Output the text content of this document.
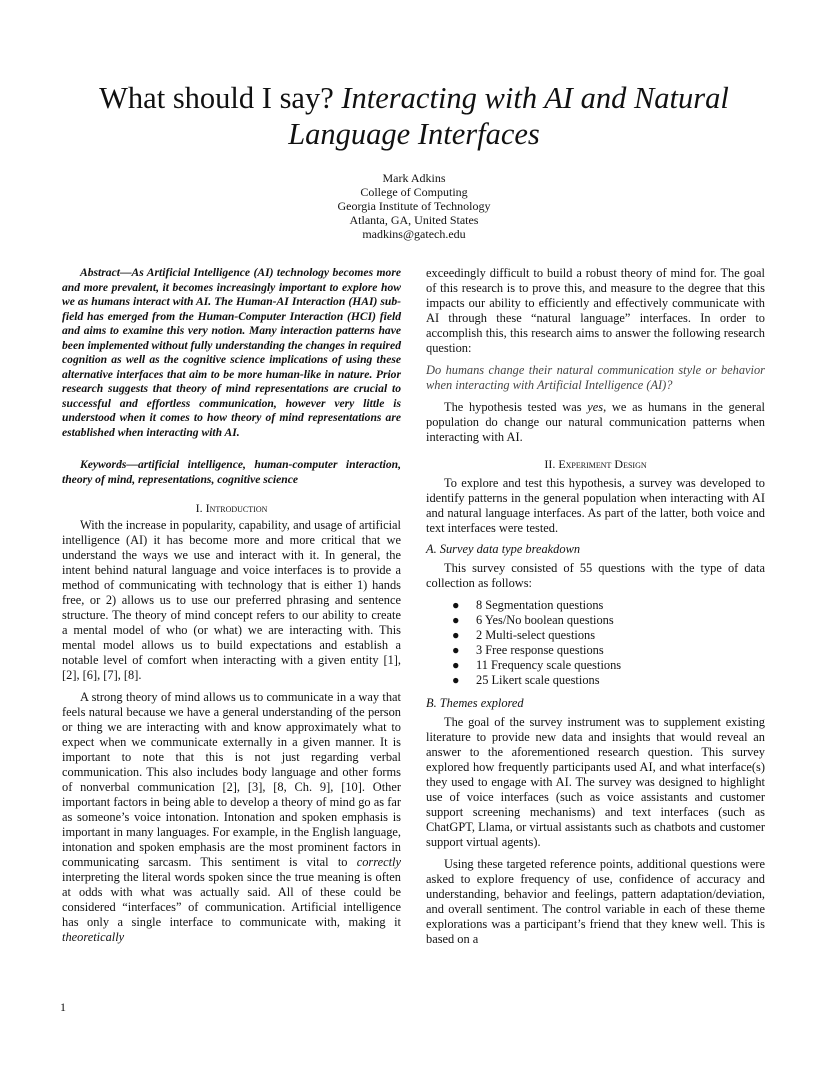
What should I say? Interacting with AI and Natural Language Interfaces
Mark Adkins
College of Computing
Georgia Institute of Technology
Atlanta, GA, United States
madkins@gatech.edu

Abstract—As Artificial Intelligence (AI) technology becomes more and more prevalent, it becomes increasingly important to explore how we as humans interact with AI. The Human-AI Interaction (HAI) sub-field has emerged from the Human-Computer Interaction (HCI) field and aims to examine this very notion. Many interaction patterns have been implemented without fully understanding the changes in required cognition as well as the cognitive science implications of using these alternative interfaces that aim to be more human-like in nature. Prior research suggests that theory of mind representations are crucial to successful and effortless communication, however very little is understood when it comes to how theory of mind representations are established when interacting with AI.

Keywords—artificial intelligence, human-computer interaction, theory of mind, representations, cognitive science

I. Introduction

With the increase in popularity, capability, and usage of artificial intelligence (AI) it has become more and more critical that we understand the ways we use and interact with it. In general, the intent behind natural language and voice interfaces is to provide a method of communicating with technology that is either 1) hands free, or 2) allows us to use our preferred phrasing and sentence structure. The theory of mind concept refers to our ability to create a mental model of who (or what) we are interacting with. This mental model allows us to build expectations and establish a notable level of comfort when interacting with a given entity [1], [2], [6], [7], [8].

A strong theory of mind allows us to communicate in a way that feels natural because we have a general understanding of the person or thing we are interacting with and know approximately what to expect when we communicate externally in a given manner. It is important to note that this is not just regarding verbal communication. This also includes body language and other forms of nonverbal communication [2], [3], [8, Ch. 9], [10]. Other important factors in being able to develop a theory of mind go as far as someone’s voice intonation. Intonation and spoken emphasis is important in many languages. For example, in the English language, intonation and spoken emphasis are the most prominent factors in communicating sarcasm. This sentiment is vital to correctly interpreting the literal words spoken since the true meaning is often at odds with what was actually said. All of these could be considered “interfaces” of communication. Artificial intelligence has only a single interface to communicate with, making it theoretically

exceedingly difficult to build a robust theory of mind for. The goal of this research is to prove this, and measure to the degree that this impacts our ability to efficiently and effectively communicate with AI through these “natural language” interfaces. In order to accomplish this, this research aims to answer the following research question:

Do humans change their natural communication style or behavior when interacting with Artificial Intelligence (AI)?

The hypothesis tested was yes, we as humans in the general population do change our natural communication patterns when interacting with AI.

II. Experiment Design

To explore and test this hypothesis, a survey was developed to identify patterns in the general population when interacting with AI and natural language interfaces. As part of the latter, both voice and text interfaces were tested.

A. Survey data type breakdown

This survey consisted of 55 questions with the type of data collection as follows:

● 8 Segmentation questions
● 6 Yes/No boolean questions
● 2 Multi-select questions
● 3 Free response questions
● 11 Frequency scale questions
● 25 Likert scale questions
B. Themes explored

The goal of the survey instrument was to supplement existing literature to provide new data and insights that would reveal an answer to the aforementioned research question. This survey explored how frequently participants used AI, and what interface(s) they used to engage with AI. The survey was designed to highlight use of voice interfaces (such as voice assistants and customer support screening mechanisms) and text interfaces (such as ChatGPT, Llama, or virtual assistants such as chatbots and customer support virtual agents).

Using these targeted reference points, additional questions were asked to explore frequency of use, confidence of accuracy and understanding, behavior and feelings, pattern adaptation/deviation, and overall sentiment. The control variable in each of these theme explorations was a participant’s friend that they knew well. This is based on a

1
